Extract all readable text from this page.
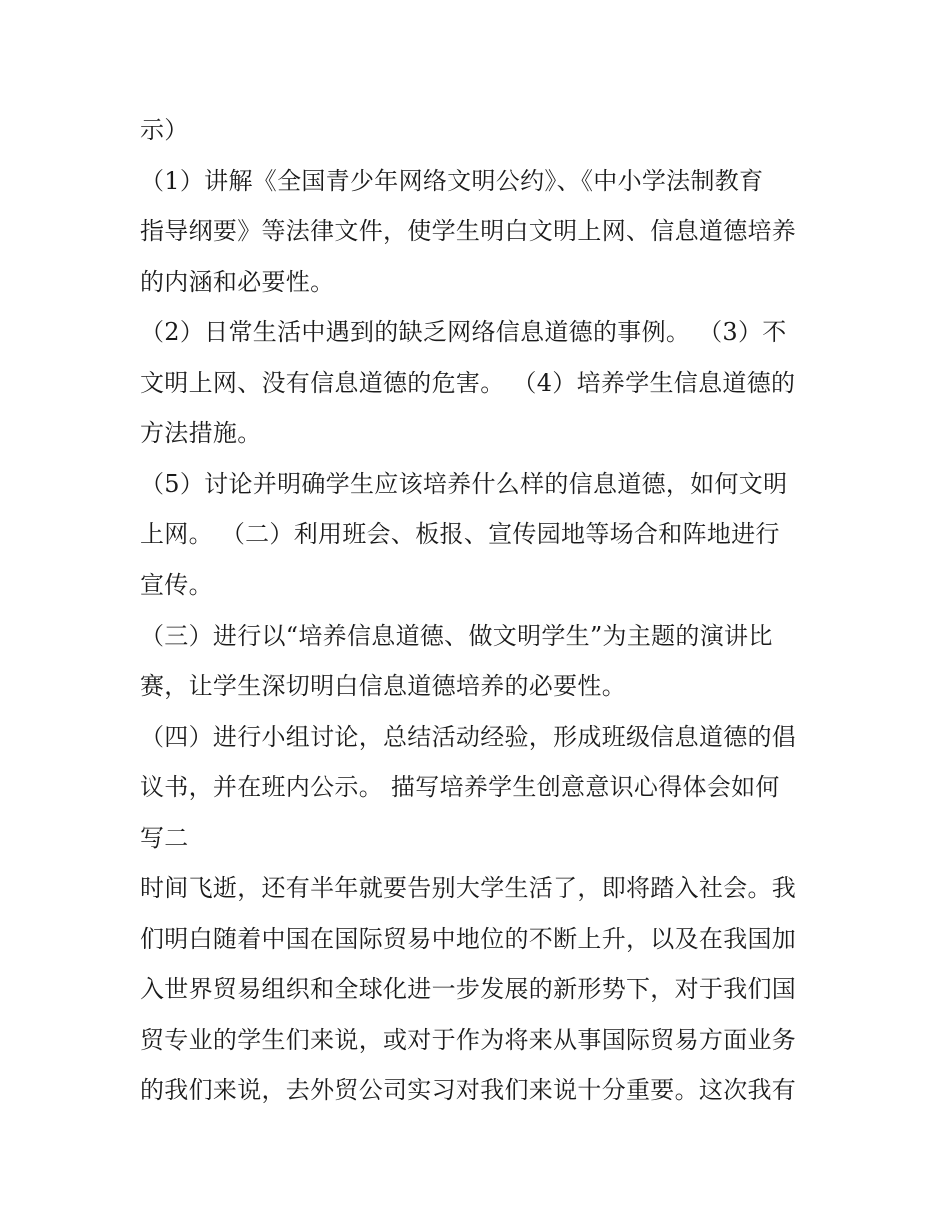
示）
（1）讲解《全国青少年网络文明公约》、《中小学法制教育
指导纲要》等法律文件，使学生明白文明上网、信息道德培养
的内涵和必要性。
（2）日常生活中遇到的缺乏网络信息道德的事例。 （3）不
文明上网、没有信息道德的危害。 （4）培养学生信息道德的
方法措施。
（5）讨论并明确学生应该培养什么样的信息道德，如何文明
上网。 （二）利用班会、板报、宣传园地等场合和阵地进行
宣传。
（三）进行以“培养信息道德、做文明学生”为主题的演讲比
赛，让学生深切明白信息道德培养的必要性。
（四）进行小组讨论，总结活动经验，形成班级信息道德的倡
议书，并在班内公示。 描写培养学生创意意识心得体会如何
写二
时间飞逝，还有半年就要告别大学生活了，即将踏入社会。我
们明白随着中国在国际贸易中地位的不断上升，以及在我国加
入世界贸易组织和全球化进一步发展的新形势下，对于我们国
贸专业的学生们来说，或对于作为将来从事国际贸易方面业务
的我们来说，去外贸公司实习对我们来说十分重要。这次我有
